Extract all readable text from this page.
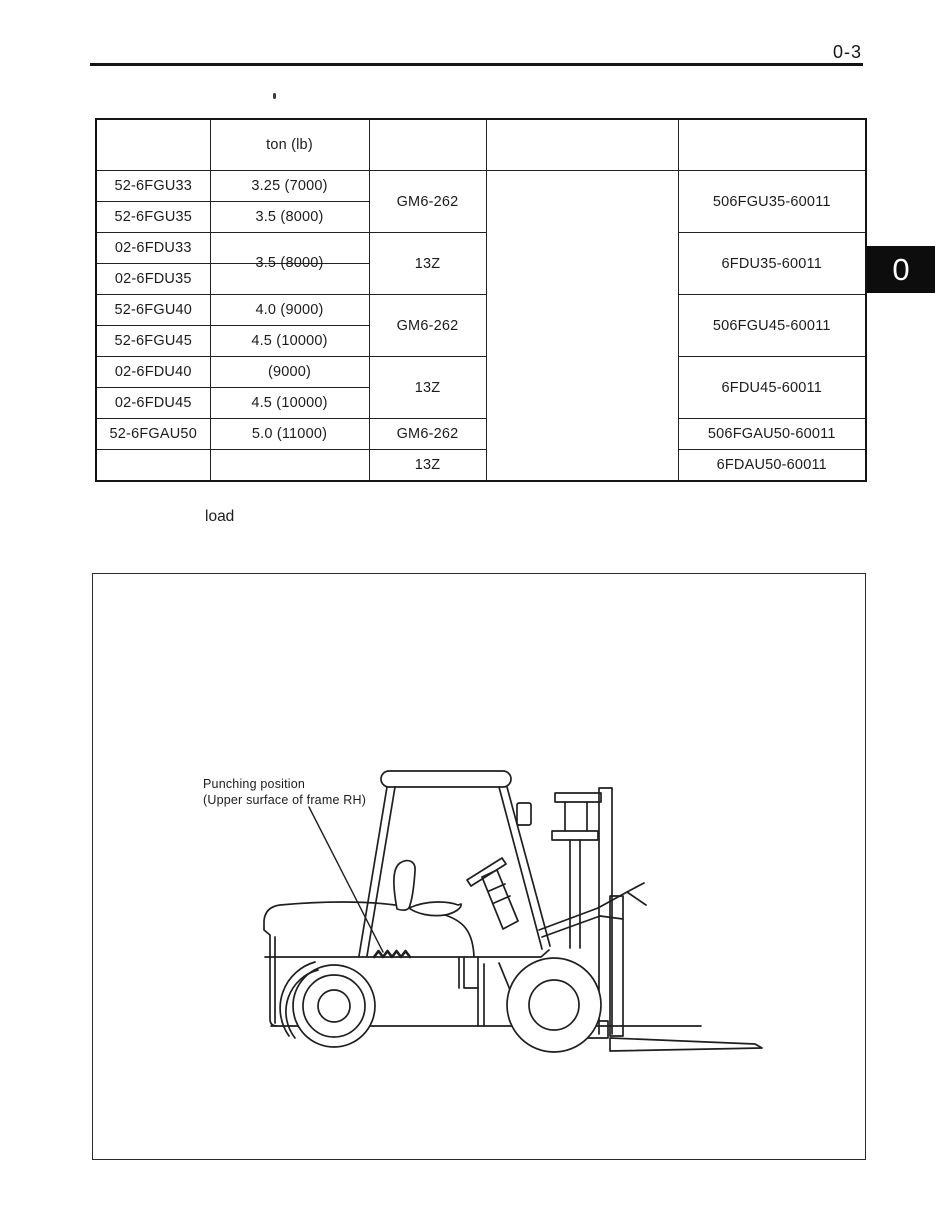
0-3
0
	ton (lb)			
52-6FGU33	3.25 (7000)	GM6-262		506FGU35-60011
52-6FGU35	3.5 (8000)			
02-6FDU33		13Z		6FDU35-60011
02-6FDU35	3.5 (8000)			

52-6FGU40	4.0 (9000)	GM6-262		506FGU45-60011
52-6FGU45	4.5 (10000)			
02-6FDU40	(9000)	13Z		6FDU45-60011
02-6FDU45	4.5 (10000)			
52-6FGAU50	5.0 (11000)	GM6-262		506FGAU50-60011
		13Z		6FDAU50-60011
load
Punching position
(Upper surface of frame RH)
